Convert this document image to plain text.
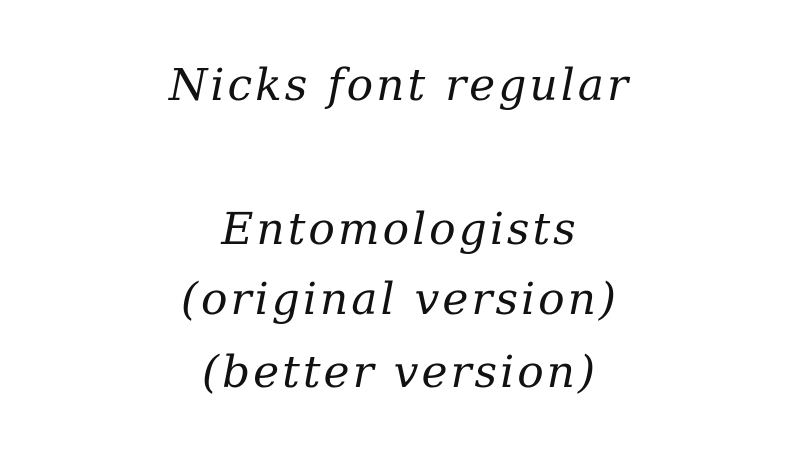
Nicks font regular
Entomologists
(original version)
(better version)
